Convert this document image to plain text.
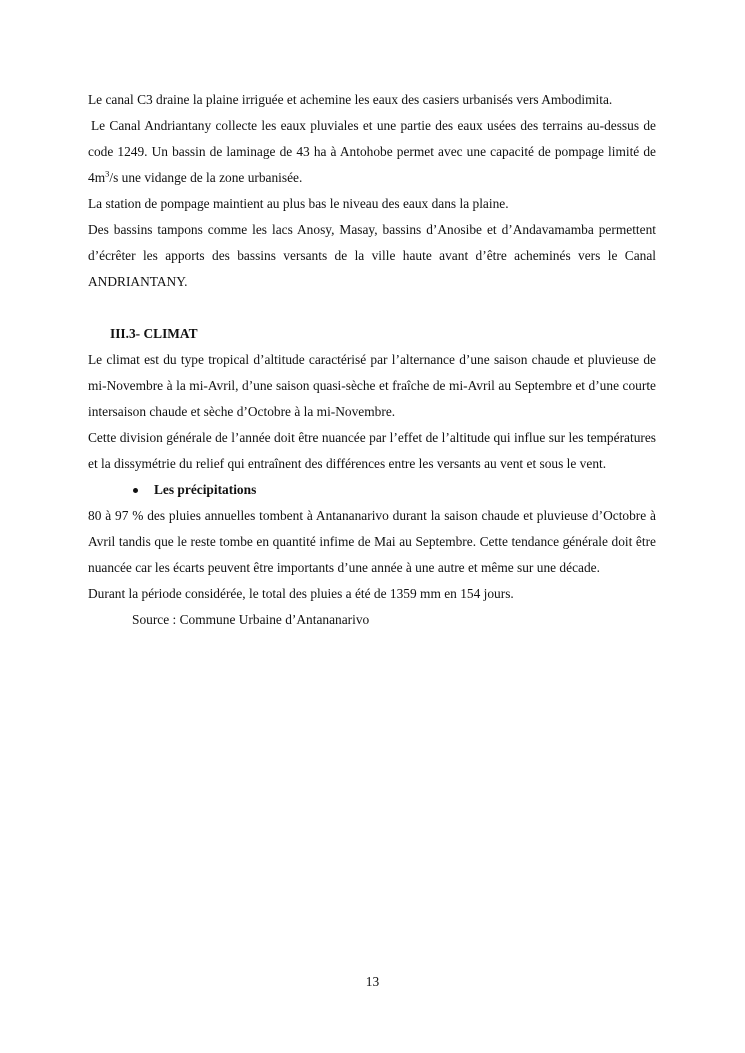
Le canal C3 draine la plaine irriguée et achemine les eaux des casiers urbanisés vers Ambodimita.

Le Canal Andriantany collecte les eaux pluviales et une partie des eaux usées des terrains au-dessus de code 1249. Un bassin de laminage de 43 ha à Antohobe permet avec une capacité de pompage limité de $4m^3/s$ une vidange de la zone urbanisée.

La station de pompage maintient au plus bas le niveau des eaux dans la plaine.

Des bassins tampons comme les lacs Anosy, Masay, bassins d’Anosibe et d’Andavamamba permettent d’écrêter les apports des bassins versants de la ville haute avant d’être acheminés vers le Canal ANDRIANTANY.

III.3- CLIMAT

Le climat est du type tropical d’altitude caractérisé par l’alternance d’une saison chaude et pluvieuse de mi-Novembre à la mi-Avril, d’une saison quasi-sèche et fraîche de mi-Avril au Septembre et d’une courte intersaison chaude et sèche d’Octobre à la mi-Novembre.

Cette division générale de l’année doit être nuancée par l’effet de l’altitude qui influe sur les températures et la dissymétrie du relief qui entraînent des différences entre les versants au vent et sous le vent.

Les précipitations

80 à 97 % des pluies annuelles tombent à Antananarivo durant la saison chaude et pluvieuse d’Octobre à Avril tandis que le reste tombe en quantité infime de Mai au Septembre. Cette tendance générale doit être nuancée car les écarts peuvent être importants d’une année à une autre et même sur une décade.

Durant la période considérée, le total des pluies a été de 1359 mm en 154 jours.

Source : Commune Urbaine d’Antananarivo

13
